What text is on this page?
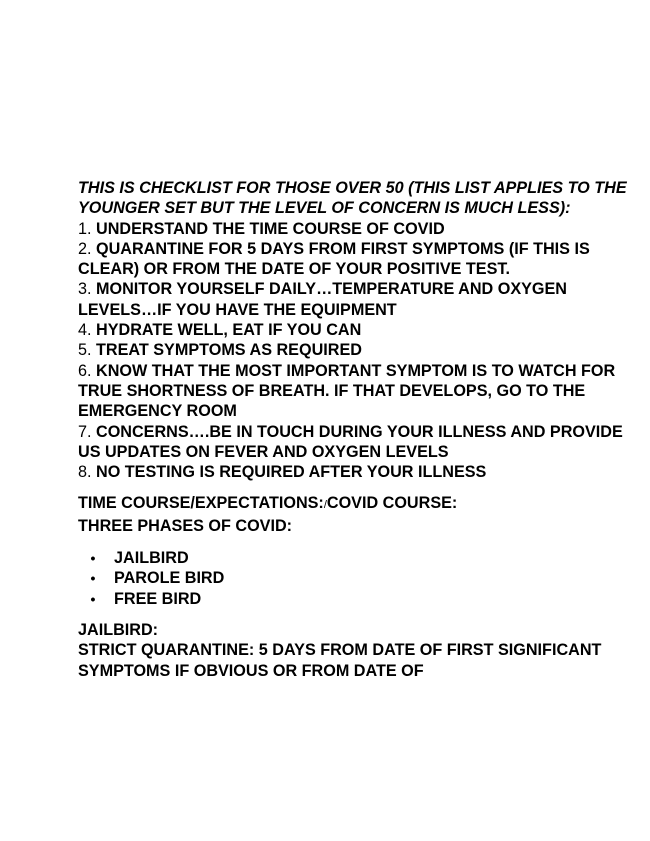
THIS IS CHECKLIST FOR THOSE OVER 50 (THIS LIST APPLIES TO THE YOUNGER SET BUT THE LEVEL OF CONCERN IS MUCH LESS):

1. UNDERSTAND THE TIME COURSE OF COVID
2. QUARANTINE FOR 5 DAYS FROM FIRST SYMPTOMS (IF THIS IS CLEAR) OR FROM THE DATE OF YOUR POSITIVE TEST.
3. MONITOR YOURSELF DAILY…TEMPERATURE AND OXYGEN LEVELS…IF YOU HAVE THE EQUIPMENT
4. HYDRATE WELL, EAT IF YOU CAN
5. TREAT SYMPTOMS AS REQUIRED
6. KNOW THAT THE MOST IMPORTANT SYMPTOM IS TO WATCH FOR TRUE SHORTNESS OF BREATH. IF THAT DEVELOPS, GO TO THE EMERGENCY ROOM
7. CONCERNS….BE IN TOUCH DURING YOUR ILLNESS AND PROVIDE US UPDATES ON FEVER AND OXYGEN LEVELS
8. NO TESTING IS REQUIRED AFTER YOUR ILLNESS

TIME COURSE/EXPECTATIONS:/COVID COURSE:
THREE PHASES OF COVID:

• JAILBIRD
• PAROLE BIRD
• FREE BIRD

JAILBIRD:

STRICT QUARANTINE: 5 DAYS FROM DATE OF FIRST SIGNIFICANT SYMPTOMS IF OBVIOUS OR FROM DATE OF
